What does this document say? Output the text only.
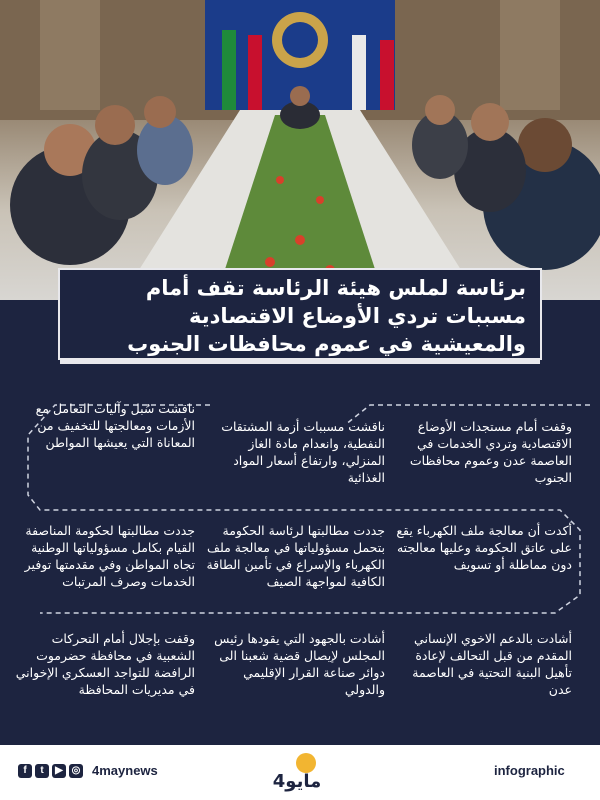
برئاسة لملس هيئة الرئاسة تقف أمام
مسببات تردي الأوضاع الاقتصادية
والمعيشية في عموم محافظات الجنوب
وقفت أمام مستجدات الأوضاع الاقتصادية وتردي الخدمات في العاصمة عدن وعموم محافظات الجنوب
ناقشت مسببات أزمة المشتقات النفطية، وانعدام مادة الغاز المنزلي، وارتفاع أسعار المواد الغذائية
ناقشت سُبل وآليات التعامل مع الأزمات ومعالجتها للتخفيف من المعاناة التي يعيشها المواطن
أكدت أن معالجة ملف الكهرباء يقع على عاتق الحكومة وعليها معالجته دون مماطلة أو تسويف
جددت مطالبتها لرئاسة الحكومة بتحمل مسؤولياتها في معالجة ملف الكهرباء والإسراع في تأمين الطاقة الكافية لمواجهة الصيف
جددت مطالبتها لحكومة المناصفة القيام بكامل مسؤولياتها الوطنية تجاه المواطن وفي مقدمتها توفير الخدمات وصرف المرتبات
أشادت بالدعم الاخوي الإنساني المقدم من قبل التحالف لإعادة تأهيل البنية التحتية في العاصمة عدن
أشادت بالجهود التي يقودها رئيس المجلس لإيصال قضية شعبنا الى دوائر صناعة القرار الإقليمي والدولي
وقفت بإجلال أمام التحركات الشعبية في محافظة حضرموت الرافضة للتواجد العسكري الإخواني في مديريات المحافظة
f	t	▶ ◎ 4maynews
4مايو
infographic
